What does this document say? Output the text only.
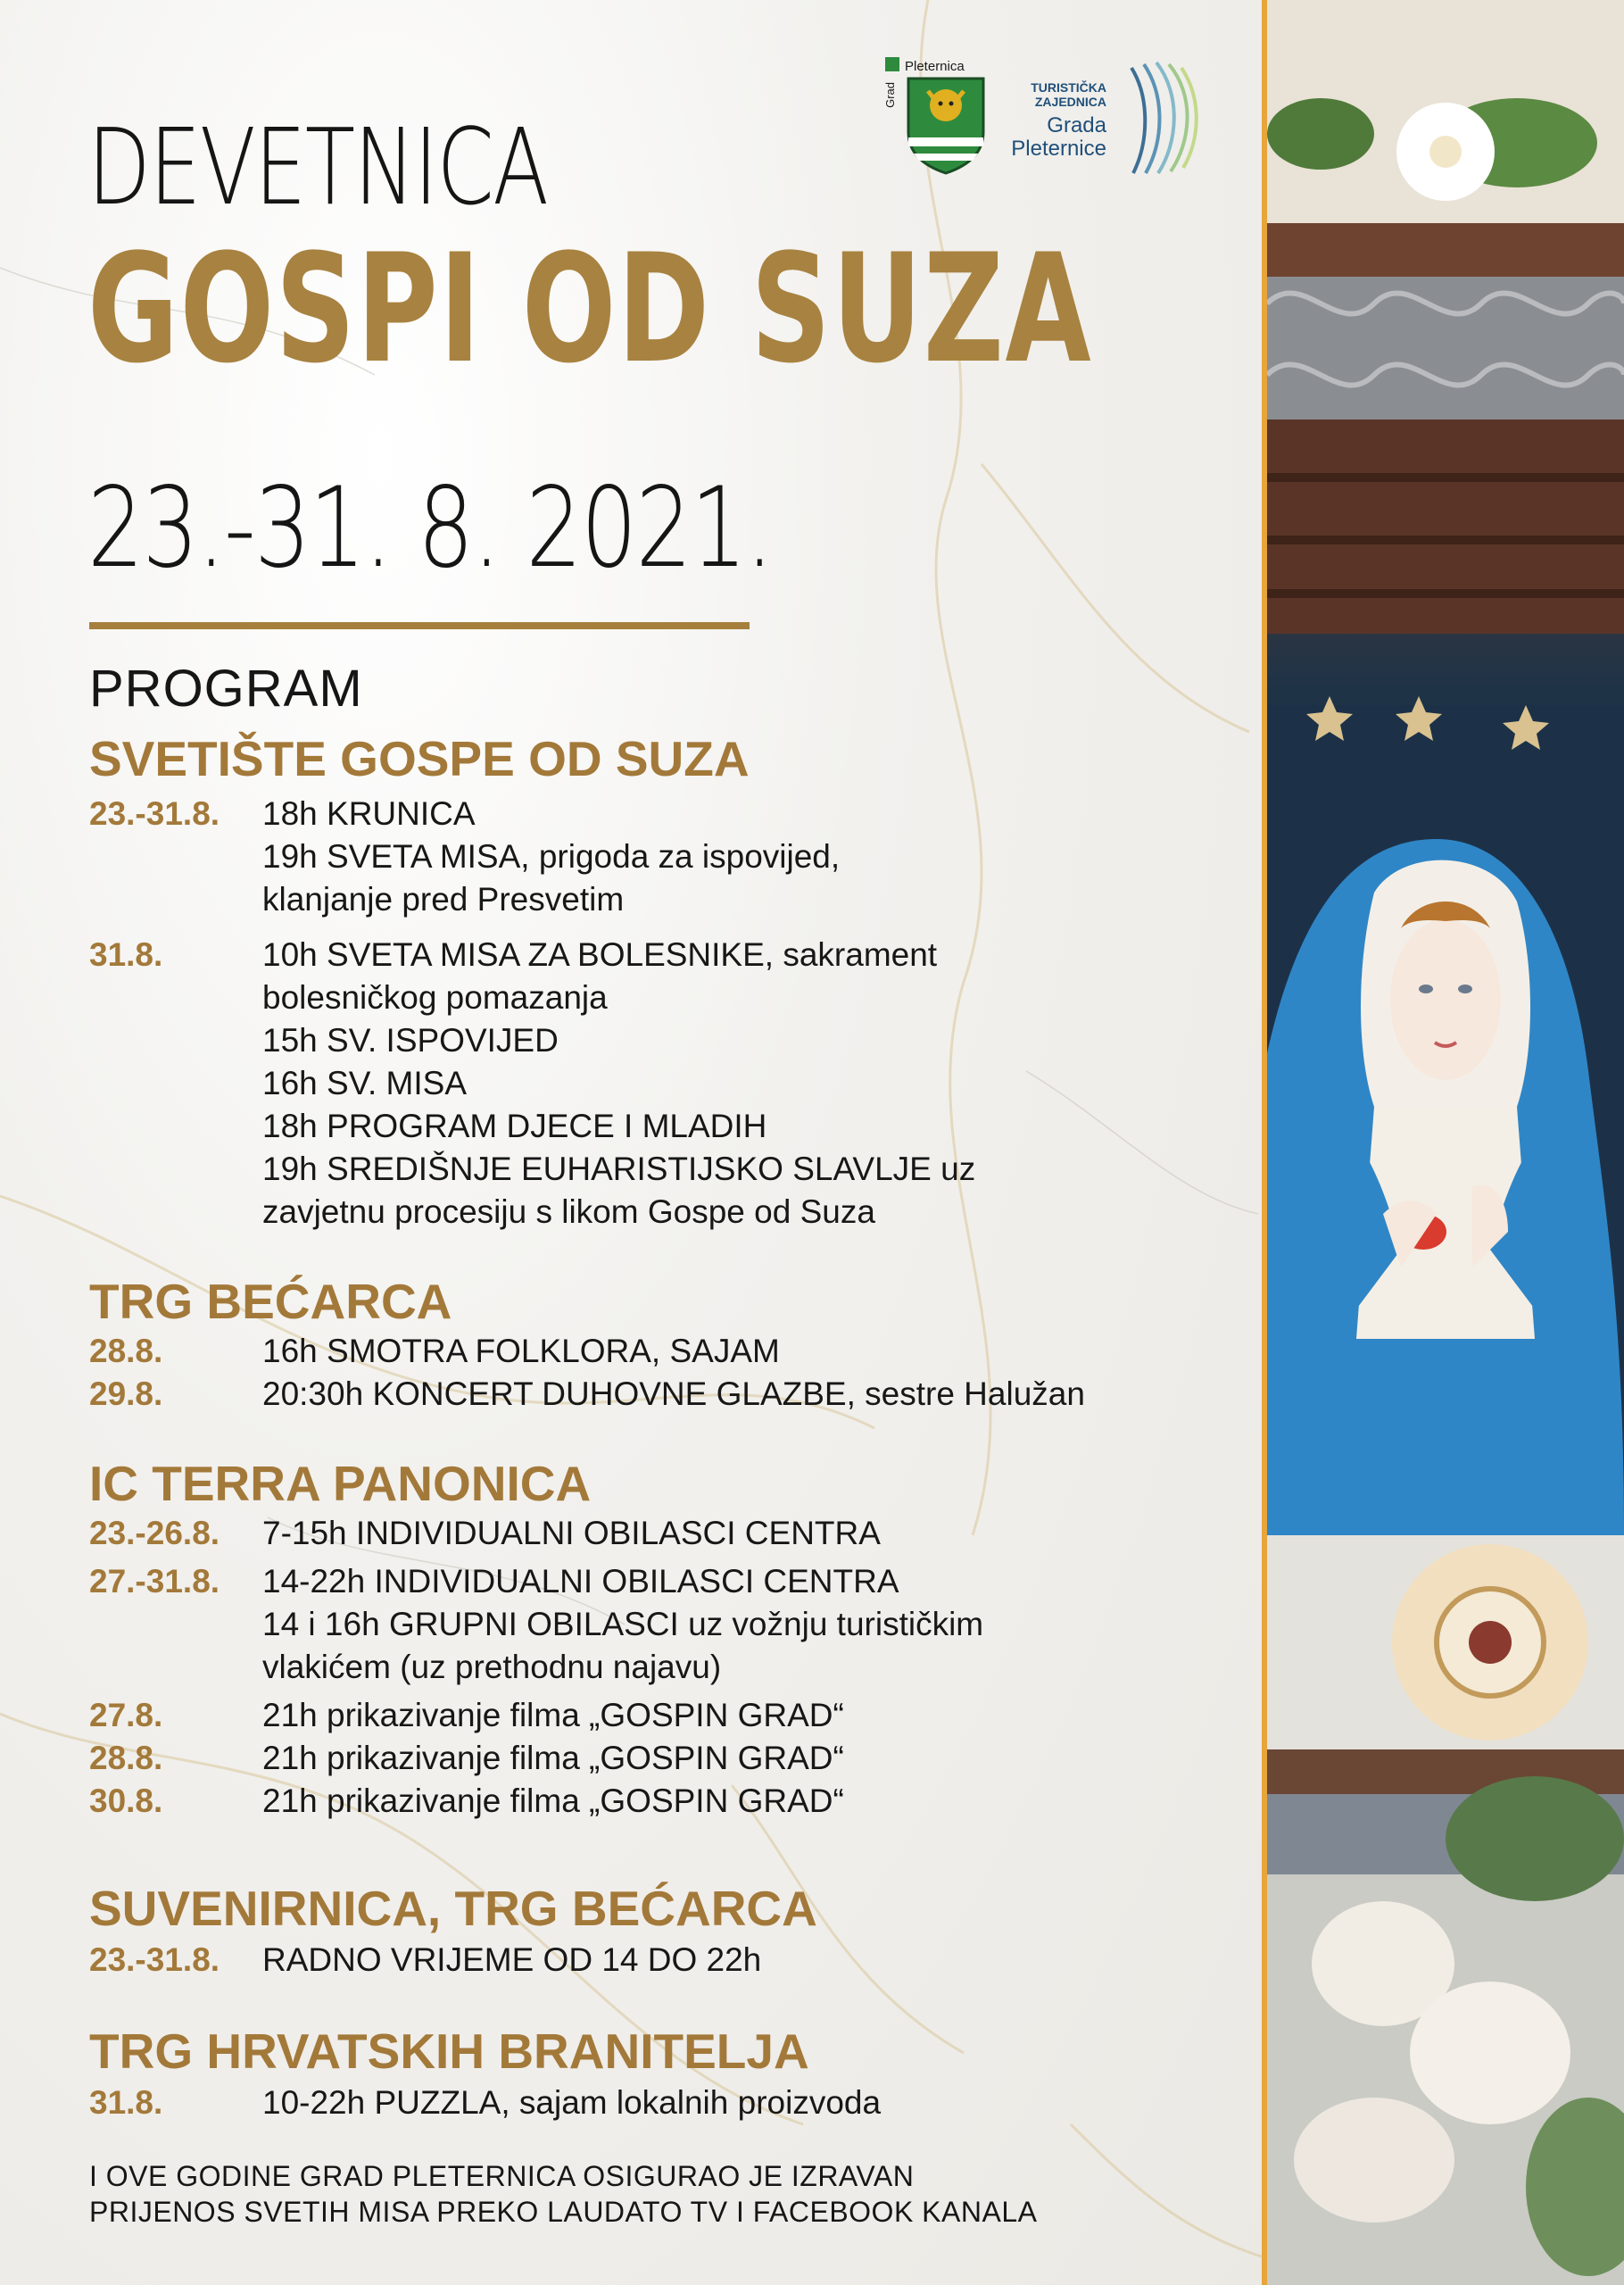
Pleternica
Grad	TURISTIČKA
ZAJEDNICA
Grada
Pleternice
DEVETNICA
GOSPI OD SUZA
23.-31. 8. 2021.
PROGRAM
SVETIŠTE GOSPE OD SUZA
23.-31.8.	18h KRUNICA
19h SVETA MISA, prigoda za ispovijed,
klanjanje pred Presvetim
31.8.	10h SVETA MISA ZA BOLESNIKE, sakrament
bolesničkog pomazanja
15h SV. ISPOVIJED
16h SV. MISA
18h PROGRAM DJECE I MLADIH
19h SREDIŠNJE EUHARISTIJSKO SLAVLJE uz
zavjetnu procesiju s likom Gospe od Suza
TRG BEĆARCA
28.8.	16h SMOTRA FOLKLORA, SAJAM
29.8.	20:30h KONCERT DUHOVNE GLAZBE, sestre Halužan
IC TERRA PANONICA
23.-26.8.	7-15h INDIVIDUALNI OBILASCI CENTRA
27.-31.8.	14-22h INDIVIDUALNI OBILASCI CENTRA
14 i 16h GRUPNI OBILASCI uz vožnju turističkim
vlakićem (uz prethodnu najavu)
27.8.	21h prikazivanje filma „GOSPIN GRAD“
28.8.	21h prikazivanje filma „GOSPIN GRAD“
30.8.	21h prikazivanje filma „GOSPIN GRAD“
SUVENIRNICA, TRG BEĆARCA
23.-31.8.	RADNO VRIJEME OD 14 DO 22h
TRG HRVATSKIH BRANITELJA
31.8.	10-22h PUZZLA, sajam lokalnih proizvoda
I OVE GODINE GRAD PLETERNICA OSIGURAO JE IZRAVAN
PRIJENOS SVETIH MISA PREKO LAUDATO TV I FACEBOOK KANALA
